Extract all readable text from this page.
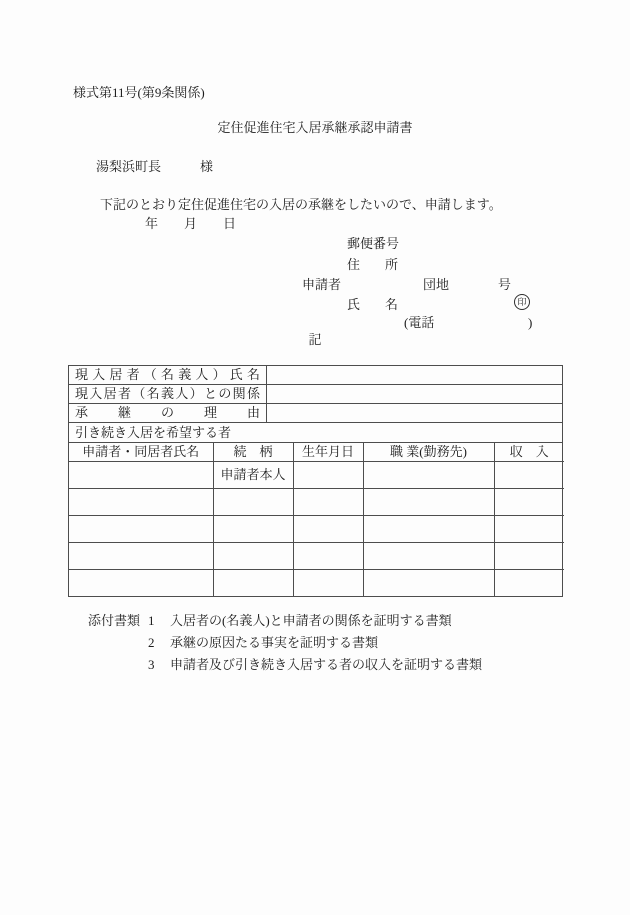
様式第11号(第9条関係)
定住促進住宅入居承継承認申請書
湯梨浜町長	様
下記のとおり定住促進住宅の入居の承継をしたいので、申請します。
年　　月　　日
郵便番号
住所
申請者	団地	号
氏名	印
(電話	)
記
現入居者（名義人）氏名
現入居者（名義人）との関係
承継の理由
引き続き入居を希望する者
申請者・同居者氏名	続　柄	生年月日	職 業(勤務先)	収　入
	申請者本人			

添付書類 1	入居者の(名義人)と申請者の関係を証明する書類
2	承継の原因たる事実を証明する書類
3	申請者及び引き続き入居する者の収入を証明する書類
